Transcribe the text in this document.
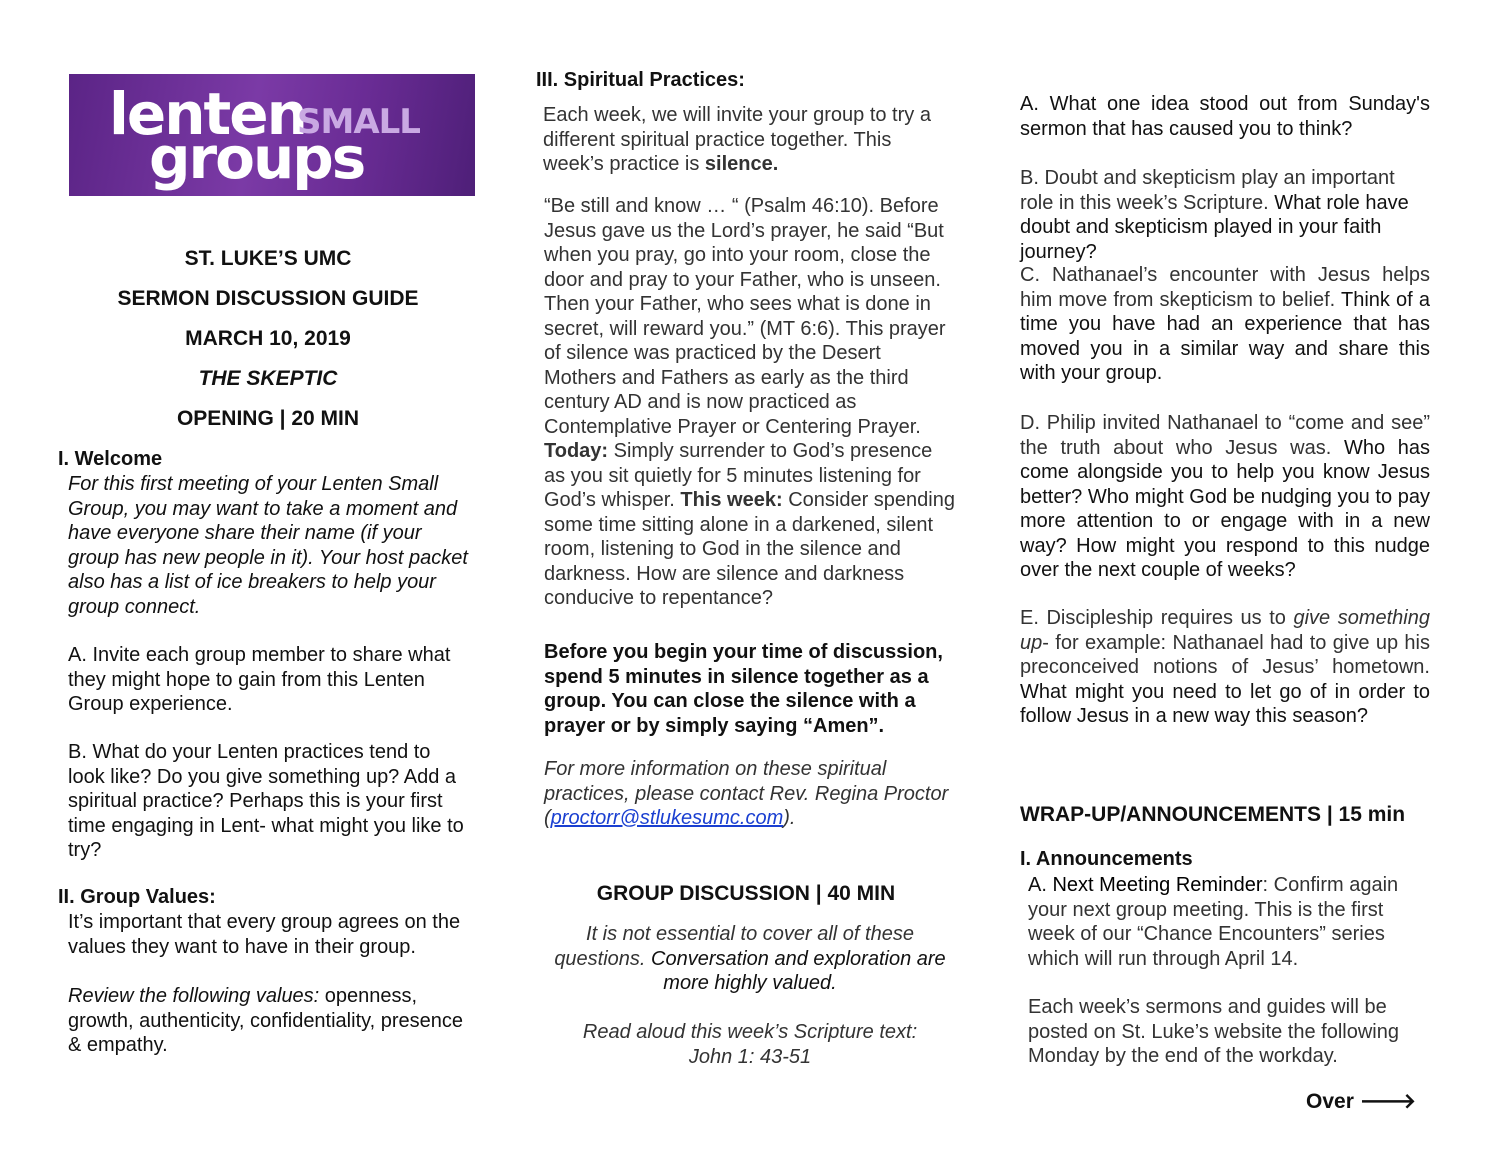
lenten
SMALL
groups

ST. LUKE’S UMC

SERMON DISCUSSION GUIDE

MARCH 10, 2019

THE SKEPTIC

OPENING | 20 MIN

I. Welcome

For this first meeting of your Lenten Small Group, you may want to take a moment and have everyone share their name (if your group has new people in it). Your host packet also has a list of ice breakers to help your group connect.

A. Invite each group member to share what they might hope to gain from this Lenten Group experience.

B. What do your Lenten practices tend to look like? Do you give something up? Add a spiritual practice? Perhaps this is your first time engaging in Lent- what might you like to try?

II. Group Values:

It’s important that every group agrees on the values they want to have in their group.

Review the following values: openness, growth, authenticity, confidentiality, presence & empathy.

III. Spiritual Practices:

Each week, we will invite your group to try a different spiritual practice together. This week’s practice is silence.

“Be still and know … “ (Psalm 46:10). Before Jesus gave us the Lord’s prayer, he said “But when you pray, go into your room, close the door and pray to your Father, who is unseen. Then your Father, who sees what is done in secret, will reward you.” (MT 6:6). This prayer of silence was practiced by the Desert Mothers and Fathers as early as the third century AD and is now practiced as Contemplative Prayer or Centering Prayer. Today: Simply surrender to God’s presence as you sit quietly for 5 minutes listening for God’s whisper. This week: Consider spending some time sitting alone in a darkened, silent room, listening to God in the silence and darkness. How are silence and darkness conducive to repentance?

Before you begin your time of discussion, spend 5 minutes in silence together as a group. You can close the silence with a prayer or by simply saying “Amen”.

For more information on these spiritual practices, please contact Rev. Regina Proctor (proctorr@stlukesumc.com).

GROUP DISCUSSION | 40 MIN

It is not essential to cover all of these questions. Conversation and exploration are more highly valued.

Read aloud this week’s Scripture text:

John 1: 43-51

A. What one idea stood out from Sunday's sermon that has caused you to think?

B. Doubt and skepticism play an important role in this week’s Scripture. What role have doubt and skepticism played in your faith journey?

C. Nathanael’s encounter with Jesus helps him move from skepticism to belief. Think of a time you have had an experience that has moved you in a similar way and share this with your group.

D. Philip invited Nathanael to “come and see” the truth about who Jesus was. Who has come alongside you to help you know Jesus better? Who might God be nudging you to pay more attention to or engage with in a new way? How might you respond to this nudge over the next couple of weeks?

E. Discipleship requires us to give something up- for example: Nathanael had to give up his preconceived notions of Jesus’ hometown. What might you need to let go of in order to follow Jesus in a new way this season?

WRAP-UP/ANNOUNCEMENTS | 15 min

I. Announcements

A. Next Meeting Reminder: Confirm again your next group meeting. This is the first week of our “Chance Encounters” series which will run through April 14.

Each week’s sermons and guides will be posted on St. Luke’s website the following Monday by the end of the workday.

Over 🡒
